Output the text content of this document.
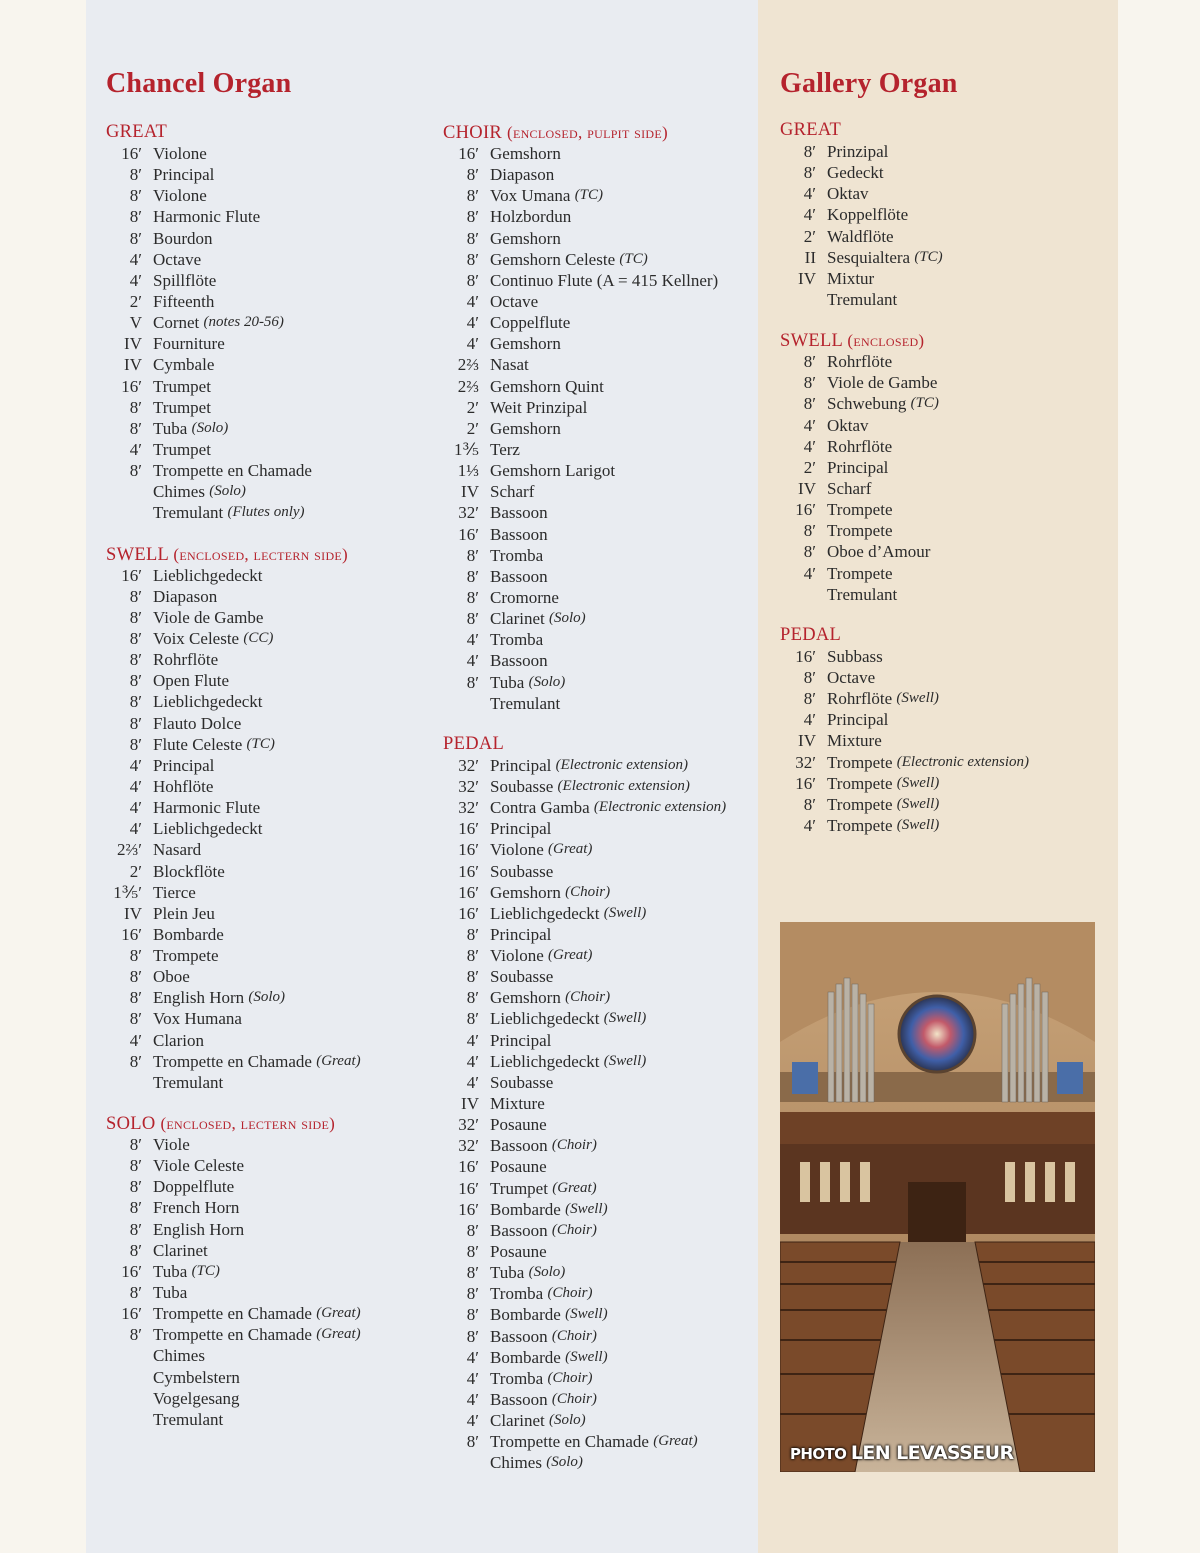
Chancel Organ	Gallery Organ
GREAT
16′ Violone
8′ Principal
8′ Violone
8′ Harmonic Flute
8′ Bourdon
4′ Octave
4′ Spillflöte
2′ Fifteenth
V Cornet
(notes 20-56)
IV Fourniture
IV Cymbale
16′ Trumpet
8′ Trumpet
8′ Tuba
(Solo)
4′ Trumpet
8′ Trompette en Chamade
Chimes
(Solo)
Tremulant
(Flutes only)
SWELL (enclosed, lectern side)
16′ Lieblichgedeckt
8′ Diapason
8′ Viole de Gambe
8′ Voix Celeste
(CC)
8′ Rohrflöte
8′ Open Flute
8′ Lieblichgedeckt
8′ Flauto Dolce
8′ Flute Celeste
(TC)
4′ Principal
4′ Hohflöte
4′ Harmonic Flute
4′ Lieblichgedeckt
2⅔′ Nasard
2′ Blockflöte
1⅗′ Tierce
IV Plein Jeu
16′ Bombarde
8′ Trompete
8′ Oboe
8′ English Horn
(Solo)
8′ Vox Humana
4′ Clarion
8′ Trompette en Chamade
(Great)
Tremulant
SOLO (enclosed, lectern side)
8′ Viole
8′ Viole Celeste
8′ Doppelflute
8′ French Horn
8′ English Horn
8′ Clarinet
16′ Tuba
(TC)
8′ Tuba
16′ Trompette en Chamade
(Great)
8′ Trompette en Chamade
(Great)
Chimes
Cymbelstern
Vogelgesang
Tremulant
CHOIR (enclosed, pulpit side)
16′ Gemshorn
8′ Diapason
8′ Vox Umana
(TC)
8′ Holzbordun
8′ Gemshorn
8′ Gemshorn Celeste
(TC)
8′ Continuo Flute (A = 415 Kellner)
4′ Octave
4′ Coppelflute
4′ Gemshorn
2⅔ Nasat
2⅔ Gemshorn Quint
2′ Weit Prinzipal
2′ Gemshorn
1⅗ Terz
1⅓ Gemshorn Larigot
IV Scharf
32′ Bassoon
16′ Bassoon
8′ Tromba
8′ Bassoon
8′ Cromorne
8′ Clarinet
(Solo)
4′ Tromba
4′ Bassoon
8′ Tuba
(Solo)
Tremulant
PEDAL
32′ Principal
(Electronic extension)
32′ Soubasse
(Electronic extension)
32′ Contra Gamba
(Electronic extension)
16′ Principal
16′ Violone
(Great)
16′ Soubasse
16′ Gemshorn
(Choir)
16′ Lieblichgedeckt
(Swell)
8′ Principal
8′ Violone
(Great)
8′ Soubasse
8′ Gemshorn
(Choir)
8′ Lieblichgedeckt
(Swell)
4′ Principal
4′ Lieblichgedeckt
(Swell)
4′ Soubasse
IV Mixture
32′ Posaune
32′ Bassoon
(Choir)
16′ Posaune
16′ Trumpet
(Great)
16′ Bombarde
(Swell)
8′ Bassoon
(Choir)
8′ Posaune
8′ Tuba
(Solo)
8′ Tromba
(Choir)
8′ Bombarde
(Swell)
8′ Bassoon
(Choir)
4′ Bombarde
(Swell)
4′ Tromba
(Choir)
4′ Bassoon
(Choir)
4′ Clarinet
(Solo)
8′ Trompette en Chamade
(Great)
Chimes
(Solo)
GREAT
8′ Prinzipal
8′ Gedeckt
4′ Oktav
4′ Koppelflöte
2′ Waldflöte
II Sesquialtera
(TC)
IV Mixtur
Tremulant
SWELL (enclosed)
8′ Rohrflöte
8′ Viole de Gambe
8′ Schwebung
(TC)
4′ Oktav
4′ Rohrflöte
2′ Principal
IV Scharf
16′ Trompete
8′ Trompete
8′ Oboe d’Amour
4′ Trompete
Tremulant
PEDAL
16′ Subbass
8′ Octave
8′ Rohrflöte
(Swell)
4′ Principal
IV Mixture
32′ Trompete
(Electronic extension)
16′ Trompete
(Swell)
8′ Trompete
(Swell)
4′ Trompete
(Swell)
PHOTO LEN LEVASSEUR
